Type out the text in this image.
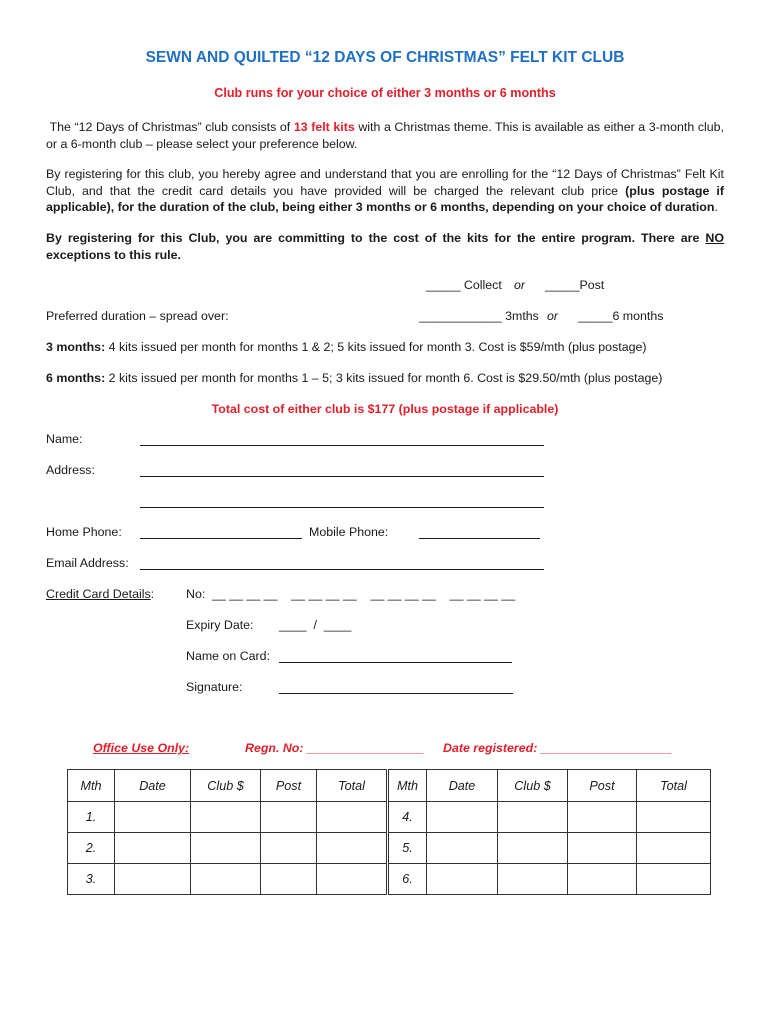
SEWN AND QUILTED “12 DAYS OF CHRISTMAS” FELT KIT CLUB
Club runs for your choice of either 3 months or 6 months
The “12 Days of Christmas” club consists of 13 felt kits with a Christmas theme. This is available as either a 3-month club, or a 6-month club – please select your preference below.
By registering for this club, you hereby agree and understand that you are enrolling for the “12 Days of Christmas” Felt Kit Club, and that the credit card details you have provided will be charged the relevant club price (plus postage if applicable), for the duration of the club, being either 3 months or 6 months, depending on your choice of duration.
By registering for this Club, you are committing to the cost of the kits for the entire program. There are NO exceptions to this rule.
_____ Collect or _____Post
Preferred duration – spread over:	____________ 3mths or _____6 months
3 months: 4 kits issued per month for months 1 & 2; 5 kits issued for month 3. Cost is $59/mth (plus postage)
6 months: 2 kits issued per month for months 1 – 5; 3 kits issued for month 6. Cost is $29.50/mth (plus postage)
Total cost of either club is $177 (plus postage if applicable)
Name:
Address:
Home Phone:	Mobile Phone:
Email Address:
Credit Card Details:	No: __ __ __ __    __ __ __ __    __ __ __ __    __ __ __ __
Expiry Date: ____  /  ____
Name on Card:
Signature:
Office Use Only:	Regn. No: _________________ Date registered: ___________________
Mth	Date	Club $	Post	Total	Mth	Date	Club $	Post	Total
1.					4.				
2.					5.				
3.					6.				
